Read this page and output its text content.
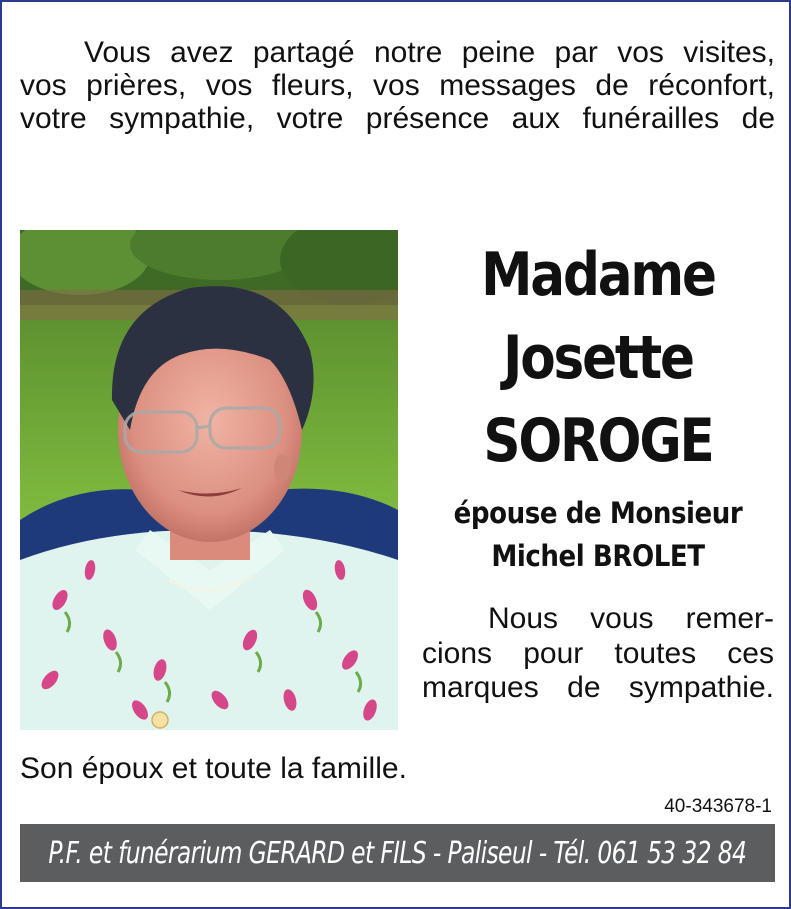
Vous avez partagé notre peine par vos visites,
vos prières, vos fleurs, vos messages de réconfort,
votre sympathie, votre présence aux funérailles de
Madame
Josette
SOROGE
épouse de Monsieur
Michel BROLET
Nous vous remer-
cions pour toutes ces
marques de sympathie.
Son époux et toute la famille.
40-343678-1
P.F. et funérarium GERARD et FILS - Paliseul - Tél. 061 53 32 84
